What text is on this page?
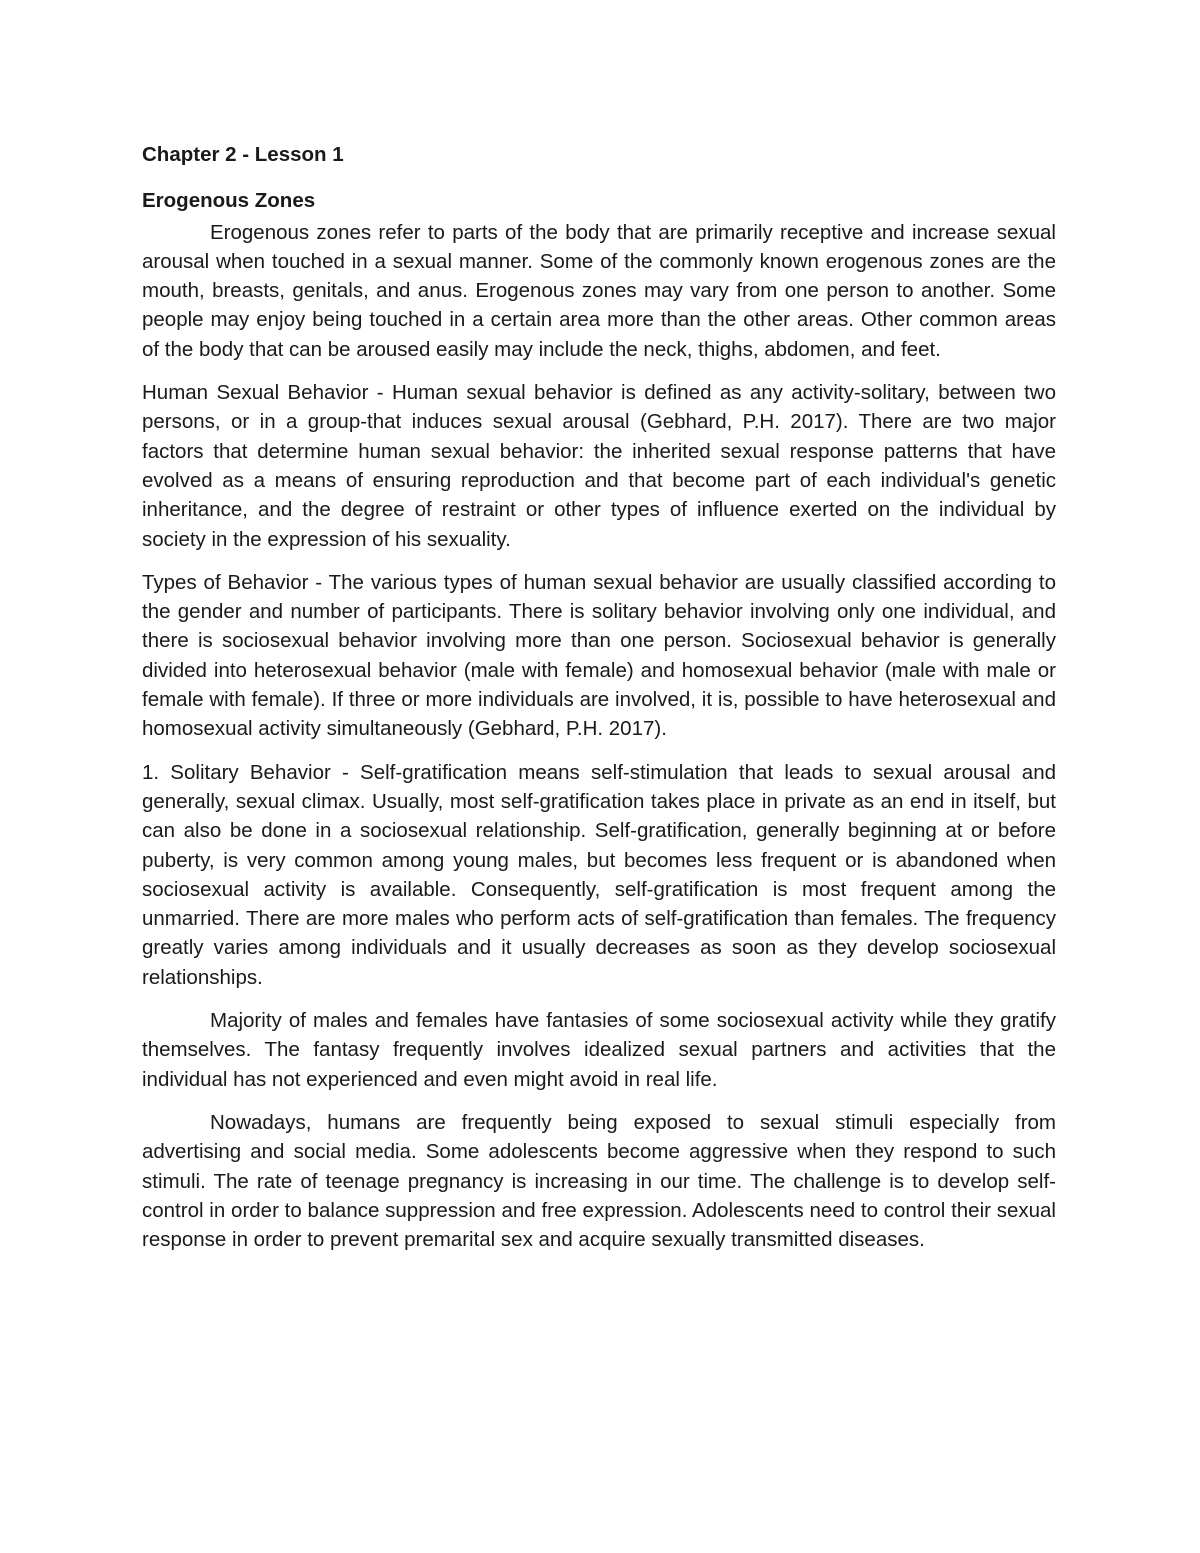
Chapter 2 - Lesson 1
Erogenous Zones

Erogenous zones refer to parts of the body that are primarily receptive and increase sexual arousal when touched in a sexual manner. Some of the commonly known erogenous zones are the mouth, breasts, genitals, and anus. Erogenous zones may vary from one person to another. Some people may enjoy being touched in a certain area more than the other areas. Other common areas of the body that can be aroused easily may include the neck, thighs, abdomen, and feet.

Human Sexual Behavior - Human sexual behavior is defined as any activity-solitary, between two persons, or in a group-that induces sexual arousal (Gebhard, P.H. 2017). There are two major factors that determine human sexual behavior: the inherited sexual response patterns that have evolved as a means of ensuring reproduction and that become part of each individual's genetic inheritance, and the degree of restraint or other types of influence exerted on the individual by society in the expression of his sexuality.

Types of Behavior - The various types of human sexual behavior are usually classified according to the gender and number of participants. There is solitary behavior involving only one individual, and there is sociosexual behavior involving more than one person. Sociosexual behavior is generally divided into heterosexual behavior (male with female) and homosexual behavior (male with male or female with female). If three or more individuals are involved, it is, possible to have heterosexual and homosexual activity simultaneously (Gebhard, P.H. 2017).

1. Solitary Behavior - Self-gratification means self-stimulation that leads to sexual arousal and generally, sexual climax. Usually, most self-gratification takes place in private as an end in itself, but can also be done in a sociosexual relationship. Self-gratification, generally beginning at or before puberty, is very common among young males, but becomes less frequent or is abandoned when sociosexual activity is available. Consequently, self-gratification is most frequent among the unmarried. There are more males who perform acts of self-gratification than females. The frequency greatly varies among individuals and it usually decreases as soon as they develop sociosexual relationships.

Majority of males and females have fantasies of some sociosexual activity while they gratify themselves. The fantasy frequently involves idealized sexual partners and activities that the individual has not experienced and even might avoid in real life.

Nowadays, humans are frequently being exposed to sexual stimuli especially from advertising and social media. Some adolescents become aggressive when they respond to such stimuli. The rate of teenage pregnancy is increasing in our time. The challenge is to develop self-control in order to balance suppression and free expression. Adolescents need to control their sexual response in order to prevent premarital sex and acquire sexually transmitted diseases.
